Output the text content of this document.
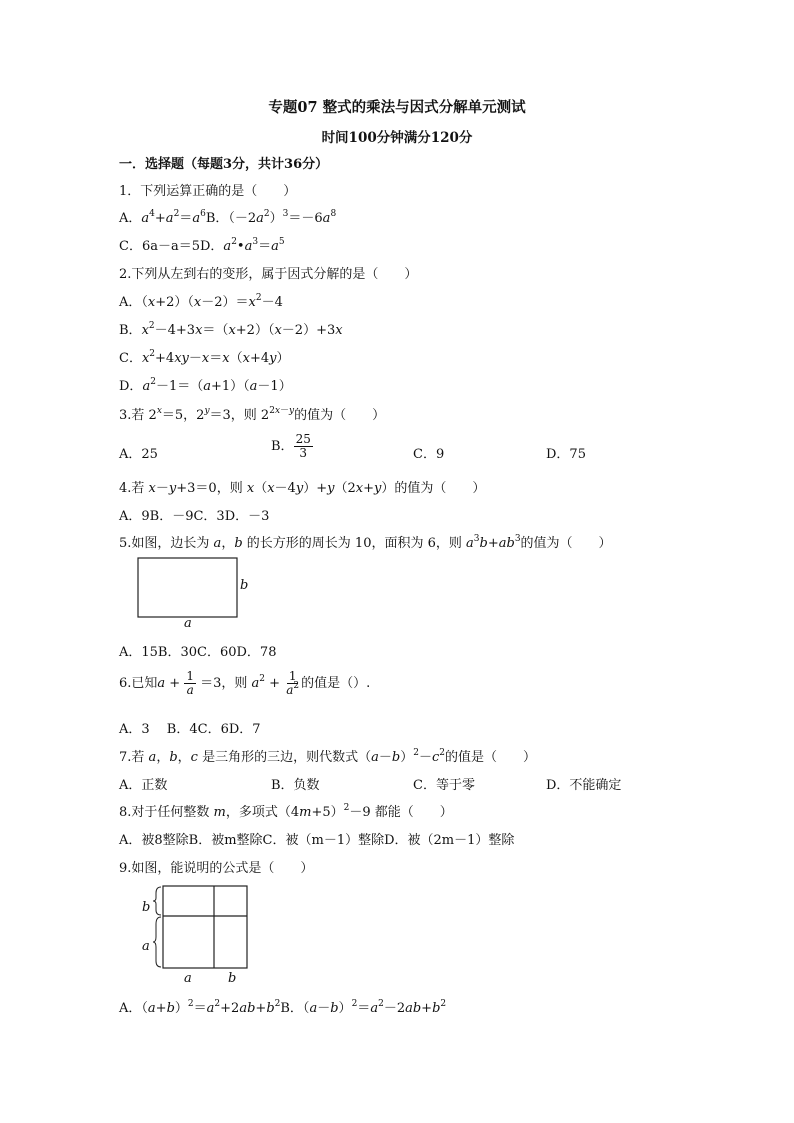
专题07 整式的乘法与因式分解单元测试
时间100分钟满分120分
一．选择题（每题3分，共计36分）
1．下列运算正确的是（　　）
A．$a^4+a^2=a^6B$．$(-2a^2)^3=-6a^8$
C．6a－a＝5D．$a^2•a^3=a^5$
2.下列从左到右的变形，属于因式分解的是（　　）
A．$(x+2)(x-2)=x^2-4$
B．$x^2-4+3x=(x+2)(x-2)+3x$
C．$x^2+4xy-x=x(x+4y)$
D．$a^2-1=(a+1)(a-1)$
3.若 $2^x=5$，$2^y=3$，则 $2^{2x-y}$的值为（　　）
A．25
B． $\frac{25}{3}$	C．9	D．75
4.若 x－y+3＝0，则 x（x－4y）+y（2x+y）的值为（　　）
A．9B．－9C．3D．－3
5.如图，边长为 a，b 的长方形的周长为 10，面积为 6，则 $a^3b+ab^3$的值为（　　）
b
a
A．15B．30C．60D．78
6.已知$a + \frac{1}{a} =3$，则 $a^2 + \frac{1}{a^2}$ 的值是（）.
A．3　 B．4C．6D．7
7.若 a，b，c 是三角形的三边，则代数式$(a-b)^2-c^2$的值是（　　）
A．正数	B．负数	C．等于零	D．不能确定
8.对于任何整数 m，多项式$(4m+5)^2-9$ 都能（　　）
A．被8整除B．被m整除C．被（m－1）整除D．被（2m－1）整除
9.如图，能说明的公式是（　　）
b
a
a	b
A．$(a+b)^2=a^2+2ab+b^2B$．$(a-b)^2=a^2-2ab+b^2$
